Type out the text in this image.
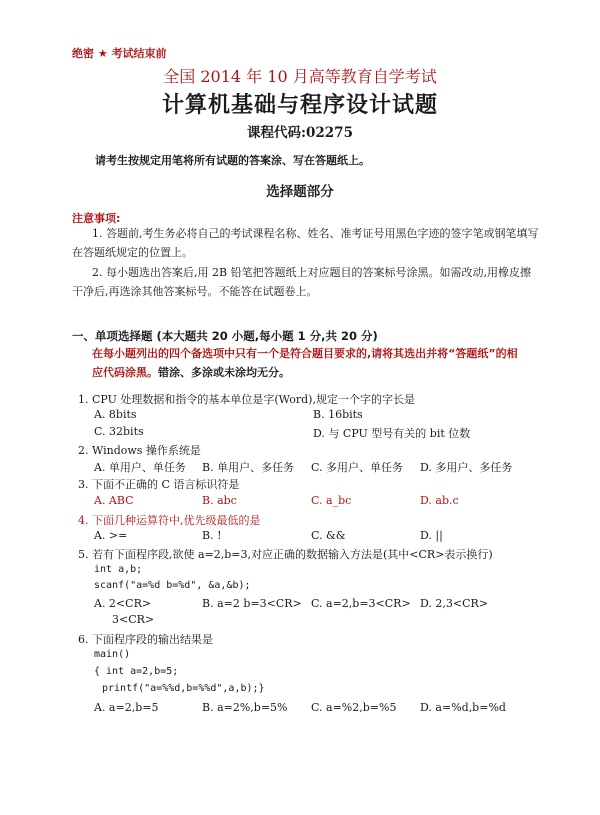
绝密 ★ 考试结束前
全国 2014 年 10 月高等教育自学考试
计算机基础与程序设计试题
课程代码:02275
请考生按规定用笔将所有试题的答案涂、写在答题纸上。
选择题部分
注意事项:
1. 答题前,考生务必将自己的考试课程名称、姓名、准考证号用黑色字迹的签字笔或钢笔填写在答题纸规定的位置上。
2. 每小题选出答案后,用 2B 铅笔把答题纸上对应题目的答案标号涂黑。如需改动,用橡皮擦干净后,再选涂其他答案标号。不能答在试题卷上。
一、单项选择题 (本大题共 20 小题,每小题 1 分,共 20 分)
在每小题列出的四个备选项中只有一个是符合题目要求的,请将其选出并将“答题纸”的相应代码涂黑。错涂、多涂或未涂均无分。
1. CPU 处理数据和指令的基本单位是字(Word),规定一个字的字长是
A. 8bits	B. 16bits
C. 32bits	D. 与 CPU 型号有关的 bit 位数
2. Windows 操作系统是
A. 单用户、单任务 B. 单用户、多任务 C. 多用户、单任务 D. 多用户、多任务
3. 下面不正确的 C 语言标识符是
A. ABC	B. abc	C. a_bc	D. ab.c
4. 下面几种运算符中,优先级最低的是
A. >=	B. !	C. &&	D. ||
5. 若有下面程序段,欲使 a=2,b=3,对应正确的数据输入方法是(其中<CR>表示换行)
int a,b;
scanf("a=%d b=%d", &a,&b);
A. 2<CR>	B. a=2 b=3<CR> C. a=2,b=3<CR> D. 2,3<CR>
3<CR>
6. 下面程序段的输出结果是
main()
{ int a=2,b=5;
printf("a=%%d,b=%%d",a,b);}
A. a=2,b=5	B. a=2%,b=5% C. a=%2,b=%5 D. a=%d,b=%d
